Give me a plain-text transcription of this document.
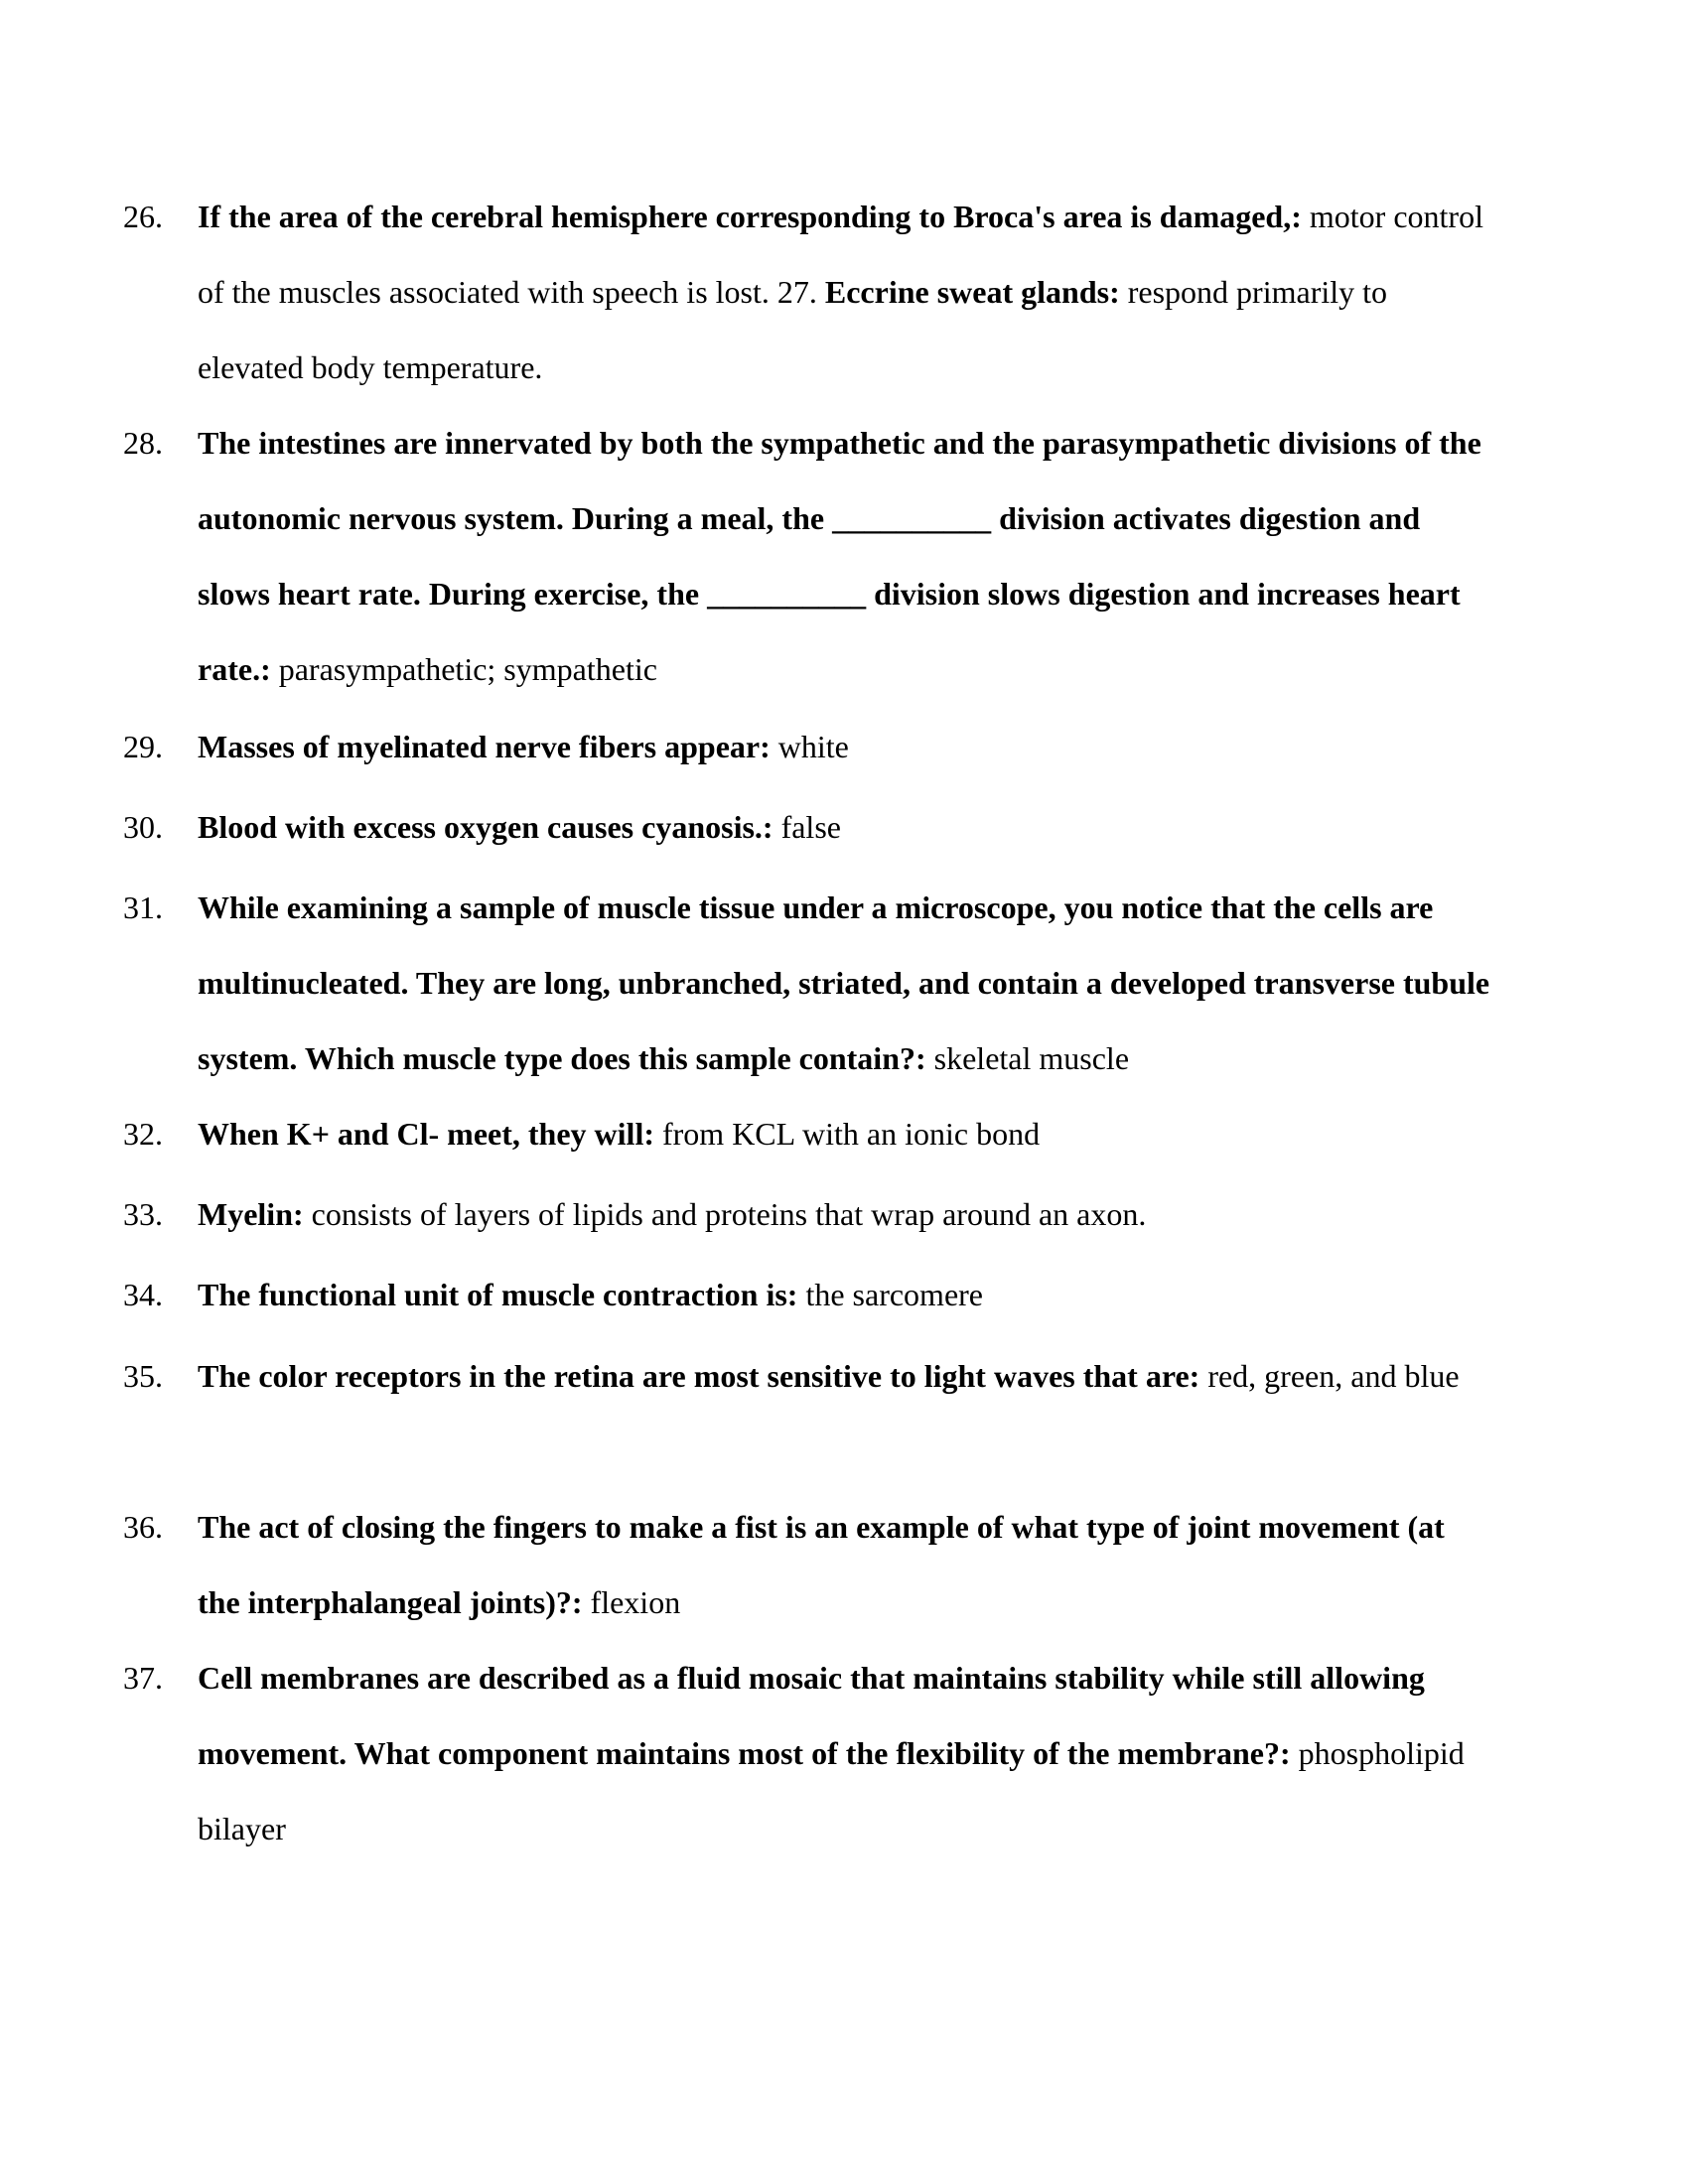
26.	If the area of the cerebral hemisphere corresponding to Broca's area is damaged,: motor control of the muscles associated with speech is lost. 27. Eccrine sweat glands: respond primarily to elevated body temperature.
28.	The intestines are innervated by both the sympathetic and the parasympathetic divisions of the autonomic nervous system. During a meal, the __________ division activates digestion and slows heart rate. During exercise, the __________ division slows digestion and increases heart rate.: parasympathetic; sympathetic
29.	Masses of myelinated nerve fibers appear: white
30.	Blood with excess oxygen causes cyanosis.: false
31.	While examining a sample of muscle tissue under a microscope, you notice that the cells are multinucleated. They are long, unbranched, striated, and contain a developed transverse tubule system. Which muscle type does this sample contain?: skeletal muscle
32.	When K+ and Cl- meet, they will: from KCL with an ionic bond
33.	Myelin: consists of layers of lipids and proteins that wrap around an axon.
34.	The functional unit of muscle contraction is: the sarcomere
35.	The color receptors in the retina are most sensitive to light waves that are: red, green, and blue
36.	The act of closing the fingers to make a fist is an example of what type of joint movement (at the interphalangeal joints)?: flexion
37.	Cell membranes are described as a fluid mosaic that maintains stability while still allowing movement. What component maintains most of the flexibility of the membrane?: phospholipid bilayer
